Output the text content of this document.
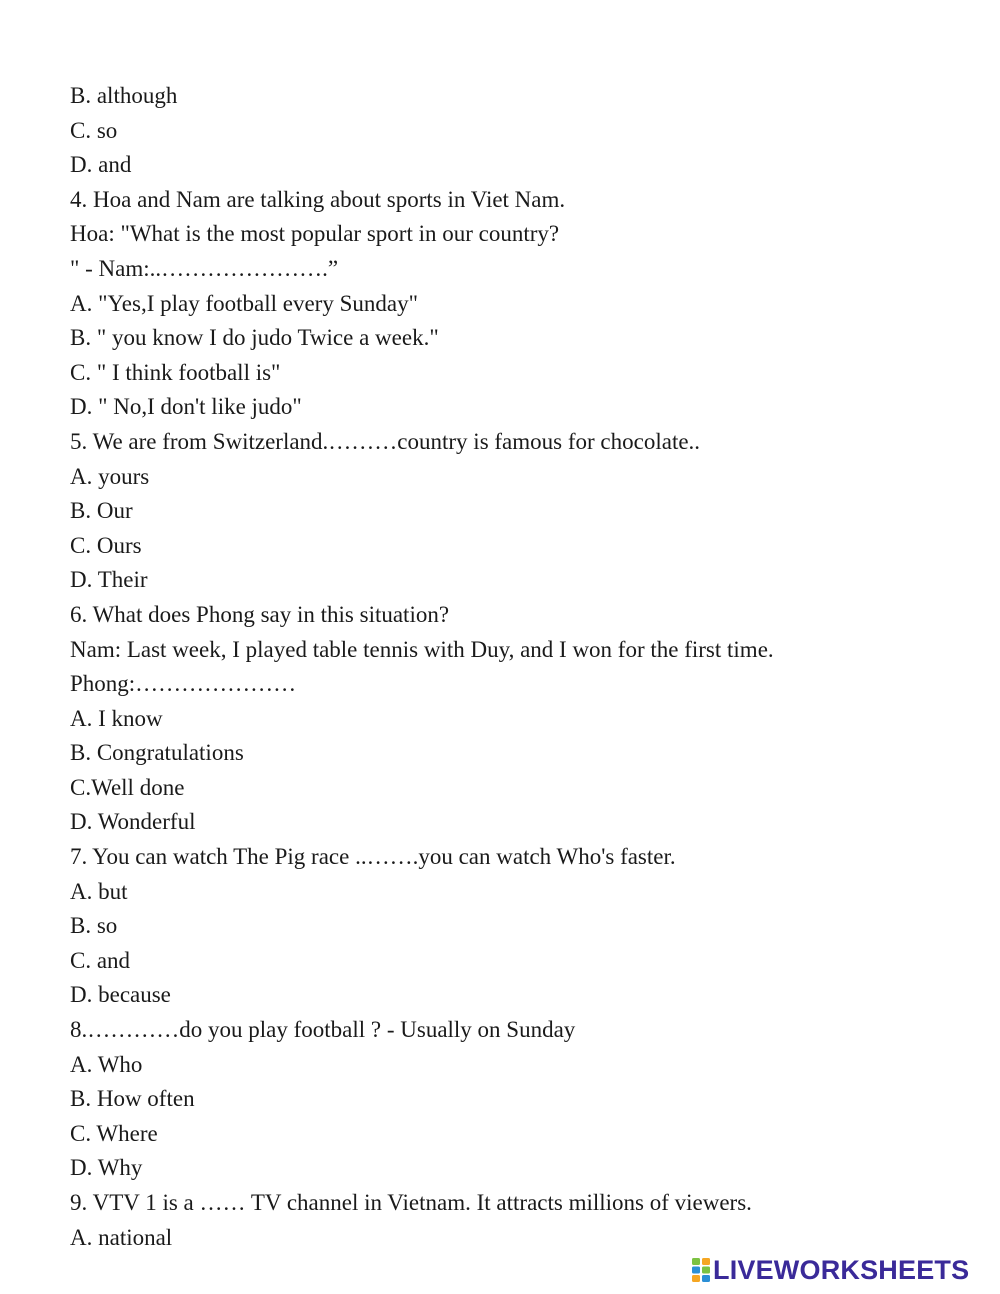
B. although
C. so
D. and
4. Hoa and Nam are talking about sports in Viet Nam.
Hoa: "What is the most popular sport in our country?
" - Nam:..………………….”
A. "Yes,I play football every Sunday"
B. " you know I do judo Twice a week."
C. " I think football is"
D. " No,I don't like judo"
5. We are from Switzerland.………country is famous for chocolate..
A. yours
B. Our
C. Ours
D. Their
6. What does Phong say in this situation?
Nam: Last week, I played table tennis with Duy, and I won for the first time.
Phong:…………………
A. I know
B. Congratulations
C.Well done
D. Wonderful
7. You can watch The Pig race ..…….you can watch Who's faster.
A. but
B. so
C. and
D. because
8.…………do you play football ? - Usually on Sunday
A. Who
B. How often
C. Where
D. Why
9. VTV 1 is a …… TV channel in Vietnam. It attracts millions of viewers.
A. national
LIVEWORKSHEETS
